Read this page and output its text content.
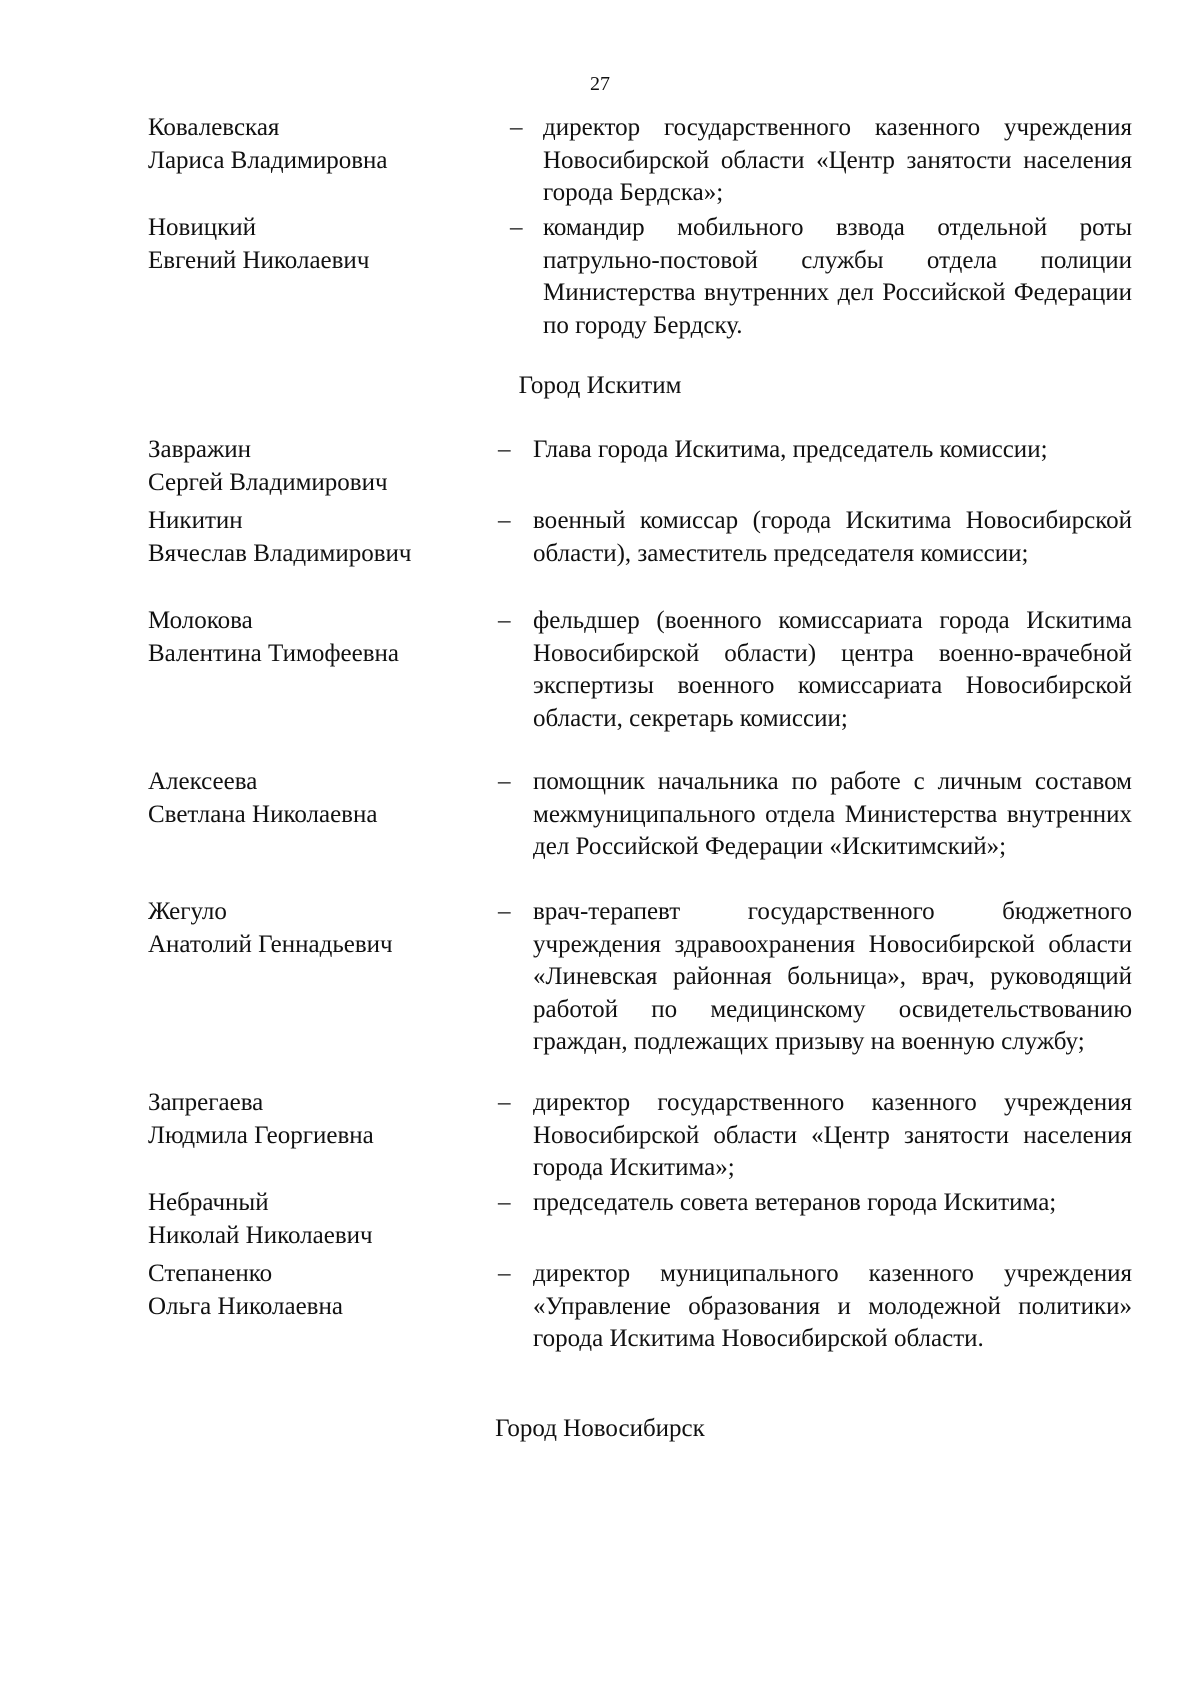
27
Ковалевская
Лариса Владимировна
– директор государственного казенного учреждения Новосибирской области «Центр занятости населения города Бердска»;
Новицкий
Евгений Николаевич
– командир мобильного взвода отдельной роты патрульно-постовой службы отдела полиции Министерства внутренних дел Российской Федерации по городу Бердску.
Город Искитим
Завражин
Сергей Владимирович
– Глава города Искитима, председатель комиссии;
Никитин
Вячеслав Владимирович
– военный комиссар (города Искитима Новосибирской области), заместитель председателя комиссии;
Молокова
Валентина Тимофеевна
– фельдшер (военного комиссариата города Искитима Новосибирской области) центра военно-врачебной экспертизы военного комиссариата Новосибирской области, секретарь комиссии;
Алексеева
Светлана Николаевна
– помощник начальника по работе с личным составом межмуниципального отдела Министерства внутренних дел Российской Федерации «Искитимский»;
Жегуло
Анатолий Геннадьевич
– врач-терапевт государственного бюджетного учреждения здравоохранения Новосибирской области «Линевская районная больница», врач, руководящий работой по медицинскому освидетельствованию граждан, подлежащих призыву на военную службу;
Запрегаева
Людмила Георгиевна
– директор государственного казенного учреждения Новосибирской области «Центр занятости населения города Искитима»;
Небрачный
Николай Николаевич
– председатель совета ветеранов города Искитима;
Степаненко
Ольга Николаевна
– директор муниципального казенного учреждения «Управление образования и молодежной политики» города Искитима Новосибирской области.
Город Новосибирск
